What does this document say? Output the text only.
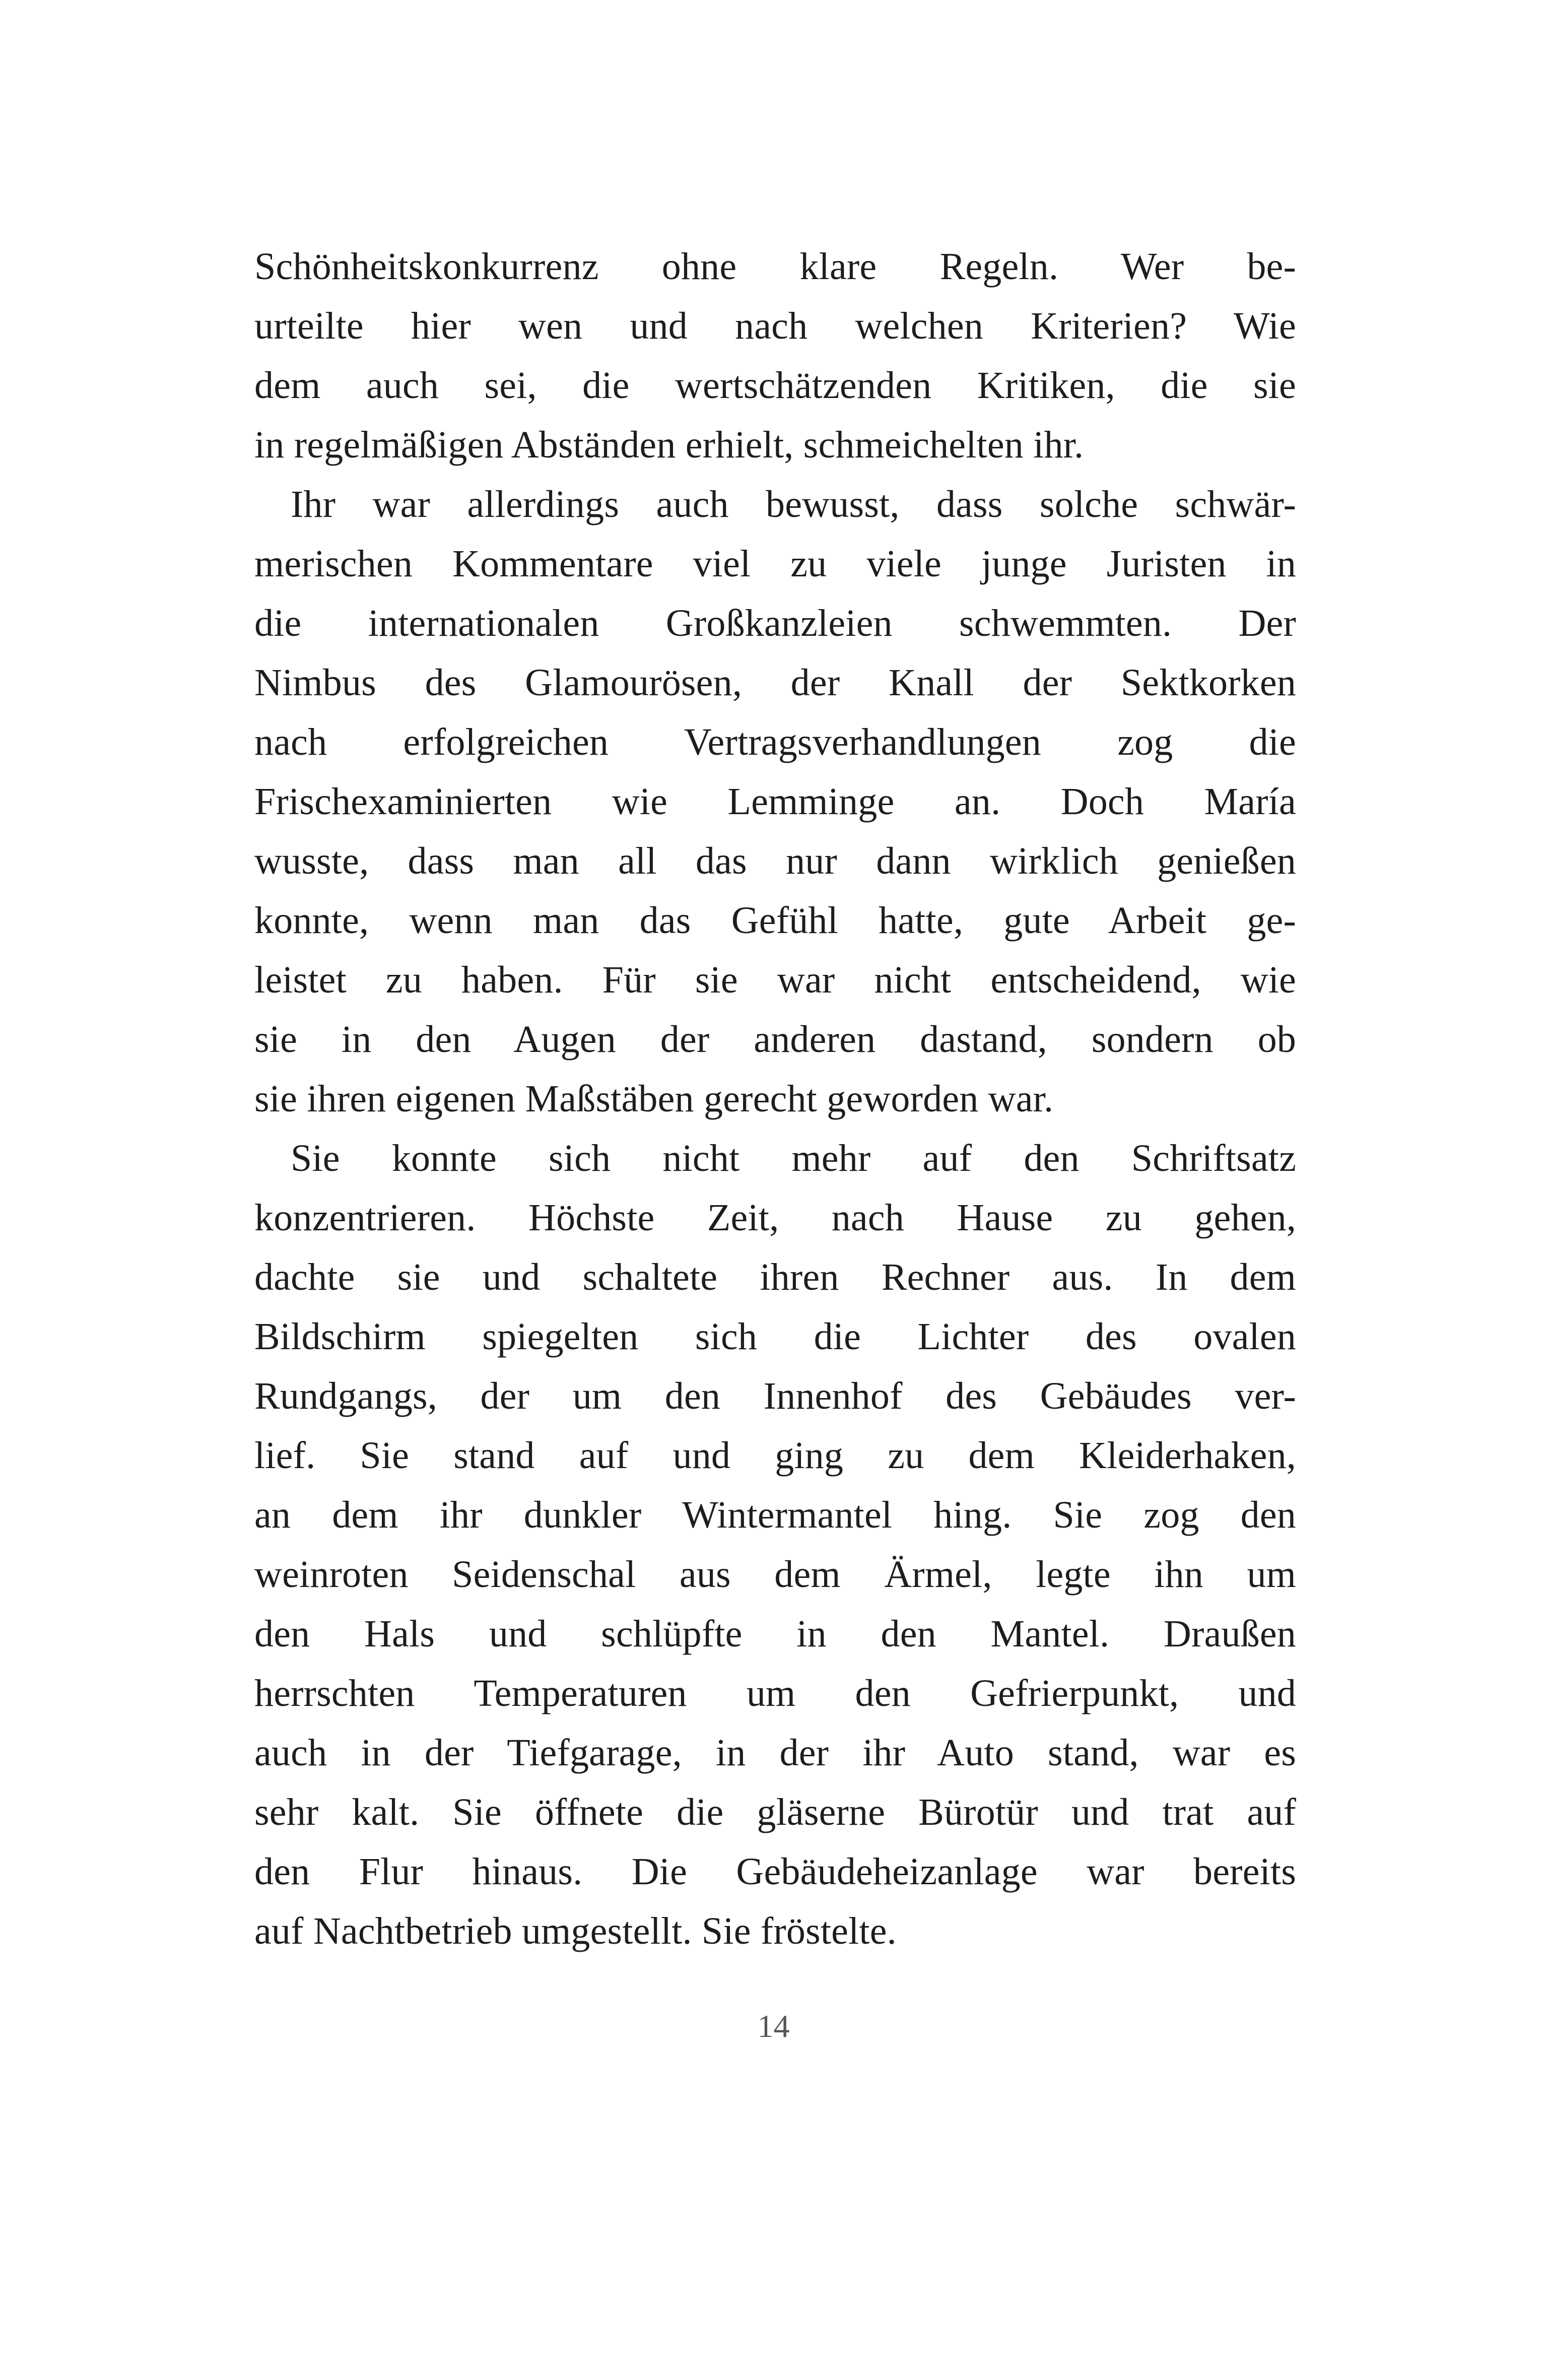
Schönheitskonkurrenz ohne klare Regeln. Wer be-
urteilte hier wen und nach welchen Kriterien? Wie
dem auch sei, die wertschätzenden Kritiken, die sie
in regelmäßigen Abständen erhielt, schmeichelten ihr.

Ihr war allerdings auch bewusst, dass solche schwär-
merischen Kommentare viel zu viele junge Juristen in
die internationalen Großkanzleien schwemmten. Der
Nimbus des Glamourösen, der Knall der Sektkorken
nach erfolgreichen Vertragsverhandlungen zog die
Frischexaminierten wie Lemminge an. Doch María
wusste, dass man all das nur dann wirklich genießen
konnte, wenn man das Gefühl hatte, gute Arbeit ge-
leistet zu haben. Für sie war nicht entscheidend, wie
sie in den Augen der anderen dastand, sondern ob
sie ihren eigenen Maßstäben gerecht geworden war.

Sie konnte sich nicht mehr auf den Schriftsatz
konzentrieren. Höchste Zeit, nach Hause zu gehen,
dachte sie und schaltete ihren Rechner aus. In dem
Bildschirm spiegelten sich die Lichter des ovalen
Rundgangs, der um den Innenhof des Gebäudes ver-
lief. Sie stand auf und ging zu dem Kleiderhaken,
an dem ihr dunkler Wintermantel hing. Sie zog den
weinroten Seidenschal aus dem Ärmel, legte ihn um
den Hals und schlüpfte in den Mantel. Draußen
herrschten Temperaturen um den Gefrierpunkt, und
auch in der Tiefgarage, in der ihr Auto stand, war es
sehr kalt. Sie öffnete die gläserne Bürotür und trat auf
den Flur hinaus. Die Gebäudeheizanlage war bereits
auf Nachtbetrieb umgestellt. Sie fröstelte.

14
